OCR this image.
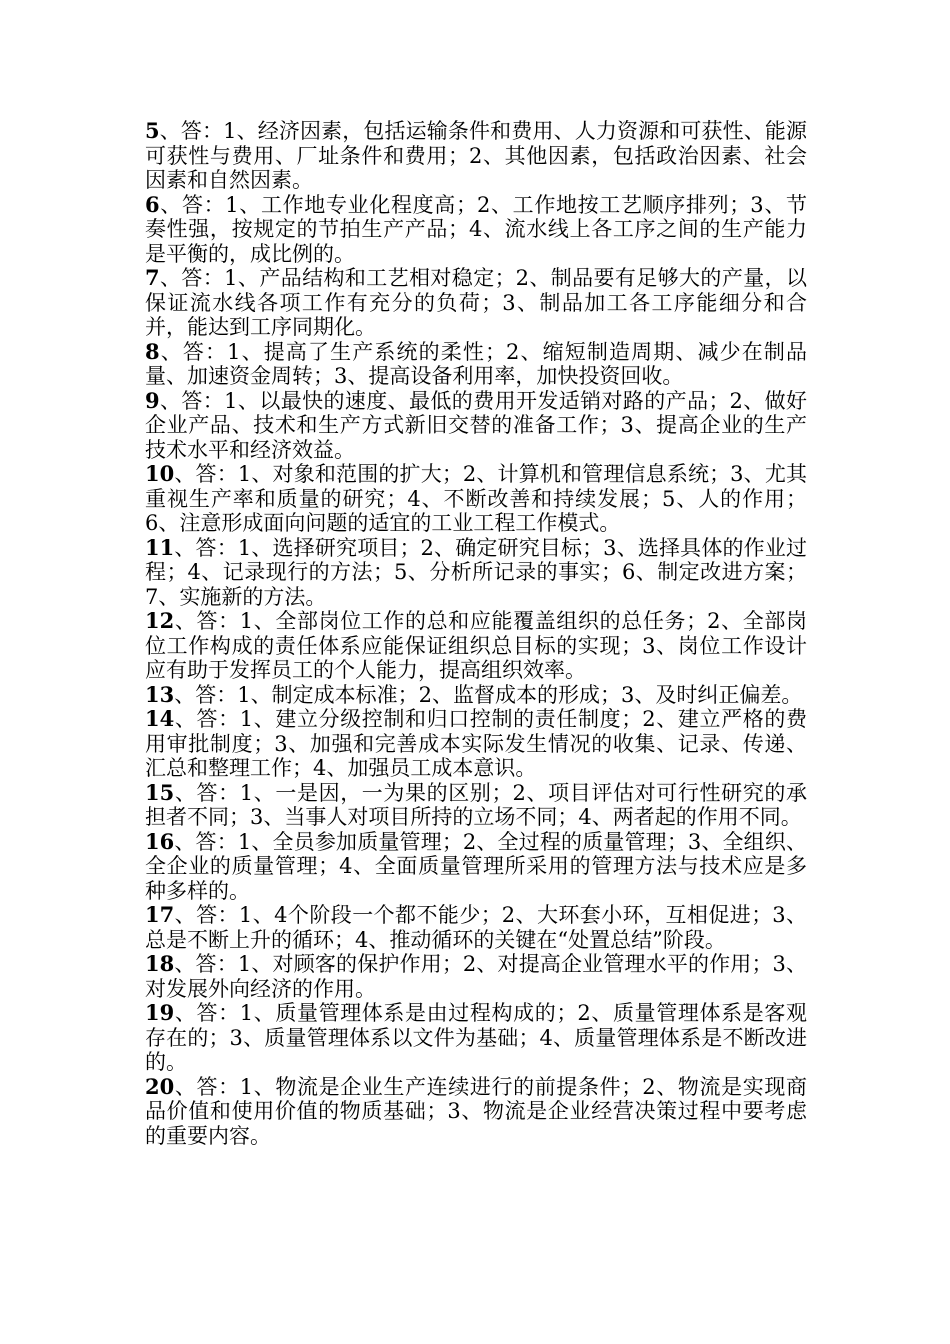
5、答：1、经济因素，包括运输条件和费用、人力资源和可获性、能源可获性与费用、厂址条件和费用；2、其他因素，包括政治因素、社会因素和自然因素。

6、答：1、工作地专业化程度高；2、工作地按工艺顺序排列；3、节奏性强，按规定的节拍生产产品；4、流水线上各工序之间的生产能力是平衡的，成比例的。

7、答：1、产品结构和工艺相对稳定；2、制品要有足够大的产量，以保证流水线各项工作有充分的负荷；3、制品加工各工序能细分和合并，能达到工序同期化。

8、答：1、提高了生产系统的柔性；2、缩短制造周期、减少在制品量、加速资金周转；3、提高设备利用率，加快投资回收。

9、答：1、以最快的速度、最低的费用开发适销对路的产品；2、做好企业产品、技术和生产方式新旧交替的准备工作；3、提高企业的生产技术水平和经济效益。

10、答：1、对象和范围的扩大；2、计算机和管理信息系统；3、尤其重视生产率和质量的研究；4、不断改善和持续发展；5、人的作用；6、注意形成面向问题的适宜的工业工程工作模式。

11、答：1、选择研究项目；2、确定研究目标；3、选择具体的作业过程；4、记录现行的方法；5、分析所记录的事实；6、制定改进方案；7、实施新的方法。

12、答：1、全部岗位工作的总和应能覆盖组织的总任务；2、全部岗位工作构成的责任体系应能保证组织总目标的实现；3、岗位工作设计应有助于发挥员工的个人能力，提高组织效率。

13、答：1、制定成本标准；2、监督成本的形成；3、及时纠正偏差。

14、答：1、建立分级控制和归口控制的责任制度；2、建立严格的费用审批制度；3、加强和完善成本实际发生情况的收集、记录、传递、汇总和整理工作；4、加强员工成本意识。

15、答：1、一是因，一为果的区别；2、项目评估对可行性研究的承担者不同；3、当事人对项目所持的立场不同；4、两者起的作用不同。

16、答：1、全员参加质量管理；2、全过程的质量管理；3、全组织、全企业的质量管理；4、全面质量管理所采用的管理方法与技术应是多种多样的。

17、答：1、4个阶段一个都不能少；2、大环套小环，互相促进；3、总是不断上升的循环；4、推动循环的关键在“处置总结”阶段。

18、答：1、对顾客的保护作用；2、对提高企业管理水平的作用；3、对发展外向经济的作用。

19、答：1、质量管理体系是由过程构成的；2、质量管理体系是客观存在的；3、质量管理体系以文件为基础；4、质量管理体系是不断改进的。

20、答：1、物流是企业生产连续进行的前提条件；2、物流是实现商品价值和使用价值的物质基础；3、物流是企业经营决策过程中要考虑的重要内容。
